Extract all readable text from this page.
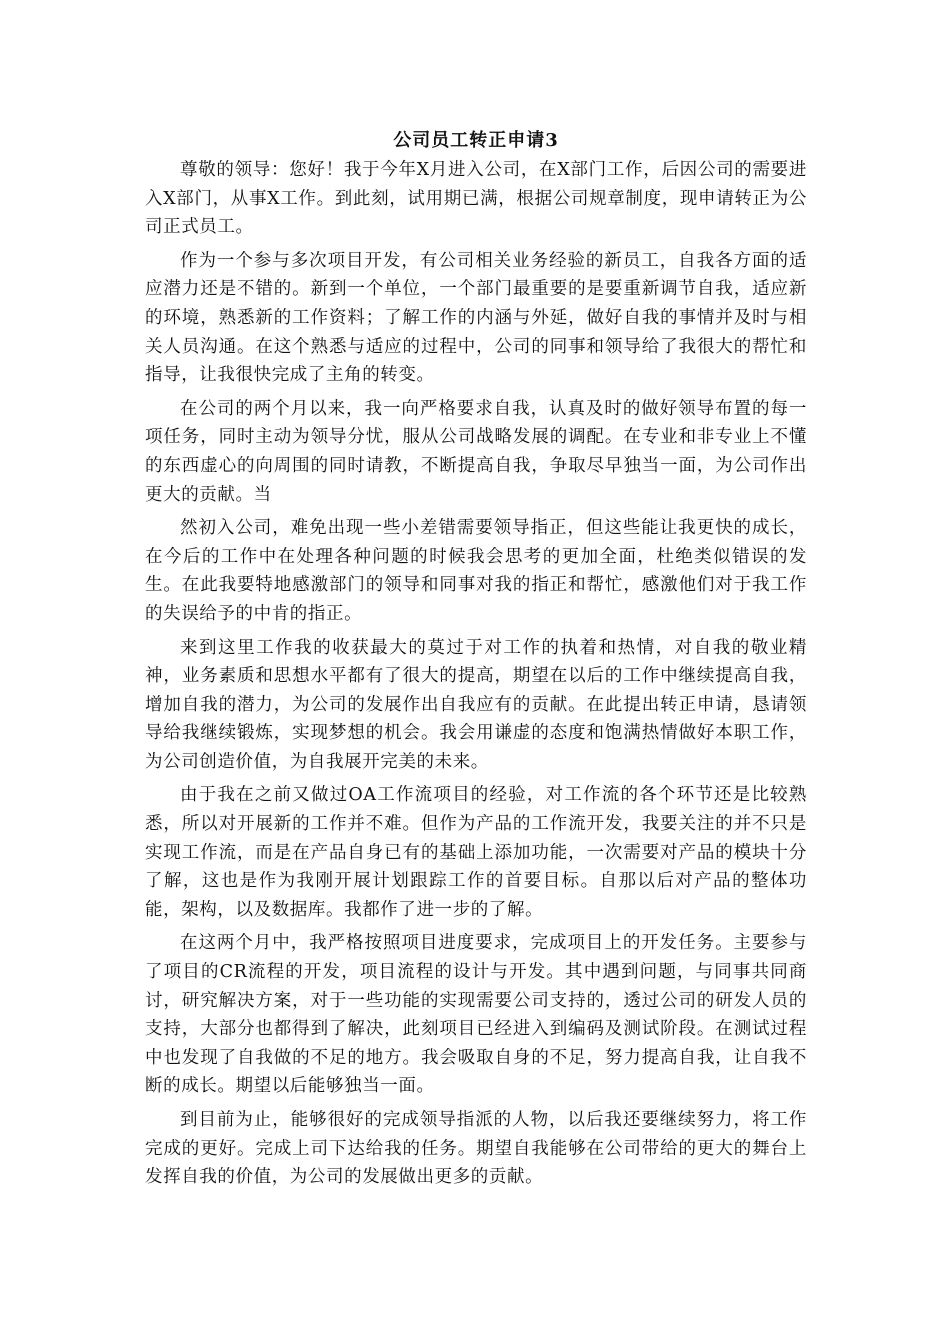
公司员工转正申请3

尊敬的领导：您好！我于今年X月进入公司，在X部门工作，后因公司的需要进入X部门，从事X工作。到此刻，试用期已满，根据公司规章制度，现申请转正为公司正式员工。

作为一个参与多次项目开发，有公司相关业务经验的新员工，自我各方面的适应潜力还是不错的。新到一个单位，一个部门最重要的是要重新调节自我，适应新的环境，熟悉新的工作资料；了解工作的内涵与外延，做好自我的事情并及时与相关人员沟通。在这个熟悉与适应的过程中，公司的同事和领导给了我很大的帮忙和指导，让我很快完成了主角的转变。

在公司的两个月以来，我一向严格要求自我，认真及时的做好领导布置的每一项任务，同时主动为领导分忧，服从公司战略发展的调配。在专业和非专业上不懂的东西虚心的向周围的同时请教，不断提高自我，争取尽早独当一面，为公司作出更大的贡献。当

然初入公司，难免出现一些小差错需要领导指正，但这些能让我更快的成长，在今后的工作中在处理各种问题的时候我会思考的更加全面，杜绝类似错误的发生。在此我要特地感激部门的领导和同事对我的指正和帮忙，感激他们对于我工作的失误给予的中肯的指正。

来到这里工作我的收获最大的莫过于对工作的执着和热情，对自我的敬业精神，业务素质和思想水平都有了很大的提高，期望在以后的工作中继续提高自我，增加自我的潜力，为公司的发展作出自我应有的贡献。在此提出转正申请，恳请领导给我继续锻炼，实现梦想的机会。我会用谦虚的态度和饱满热情做好本职工作，为公司创造价值，为自我展开完美的未来。

由于我在之前又做过OA工作流项目的经验，对工作流的各个环节还是比较熟悉，所以对开展新的工作并不难。但作为产品的工作流开发，我要关注的并不只是实现工作流，而是在产品自身已有的基础上添加功能，一次需要对产品的模块十分了解，这也是作为我刚开展计划跟踪工作的首要目标。自那以后对产品的整体功能，架构，以及数据库。我都作了进一步的了解。

在这两个月中，我严格按照项目进度要求，完成项目上的开发任务。主要参与了项目的CR流程的开发，项目流程的设计与开发。其中遇到问题，与同事共同商讨，研究解决方案，对于一些功能的实现需要公司支持的，透过公司的研发人员的支持，大部分也都得到了解决，此刻项目已经进入到编码及测试阶段。在测试过程中也发现了自我做的不足的地方。我会吸取自身的不足，努力提高自我，让自我不断的成长。期望以后能够独当一面。

到目前为止，能够很好的完成领导指派的人物，以后我还要继续努力，将工作完成的更好。完成上司下达给我的任务。期望自我能够在公司带给的更大的舞台上发挥自我的价值，为公司的发展做出更多的贡献。
